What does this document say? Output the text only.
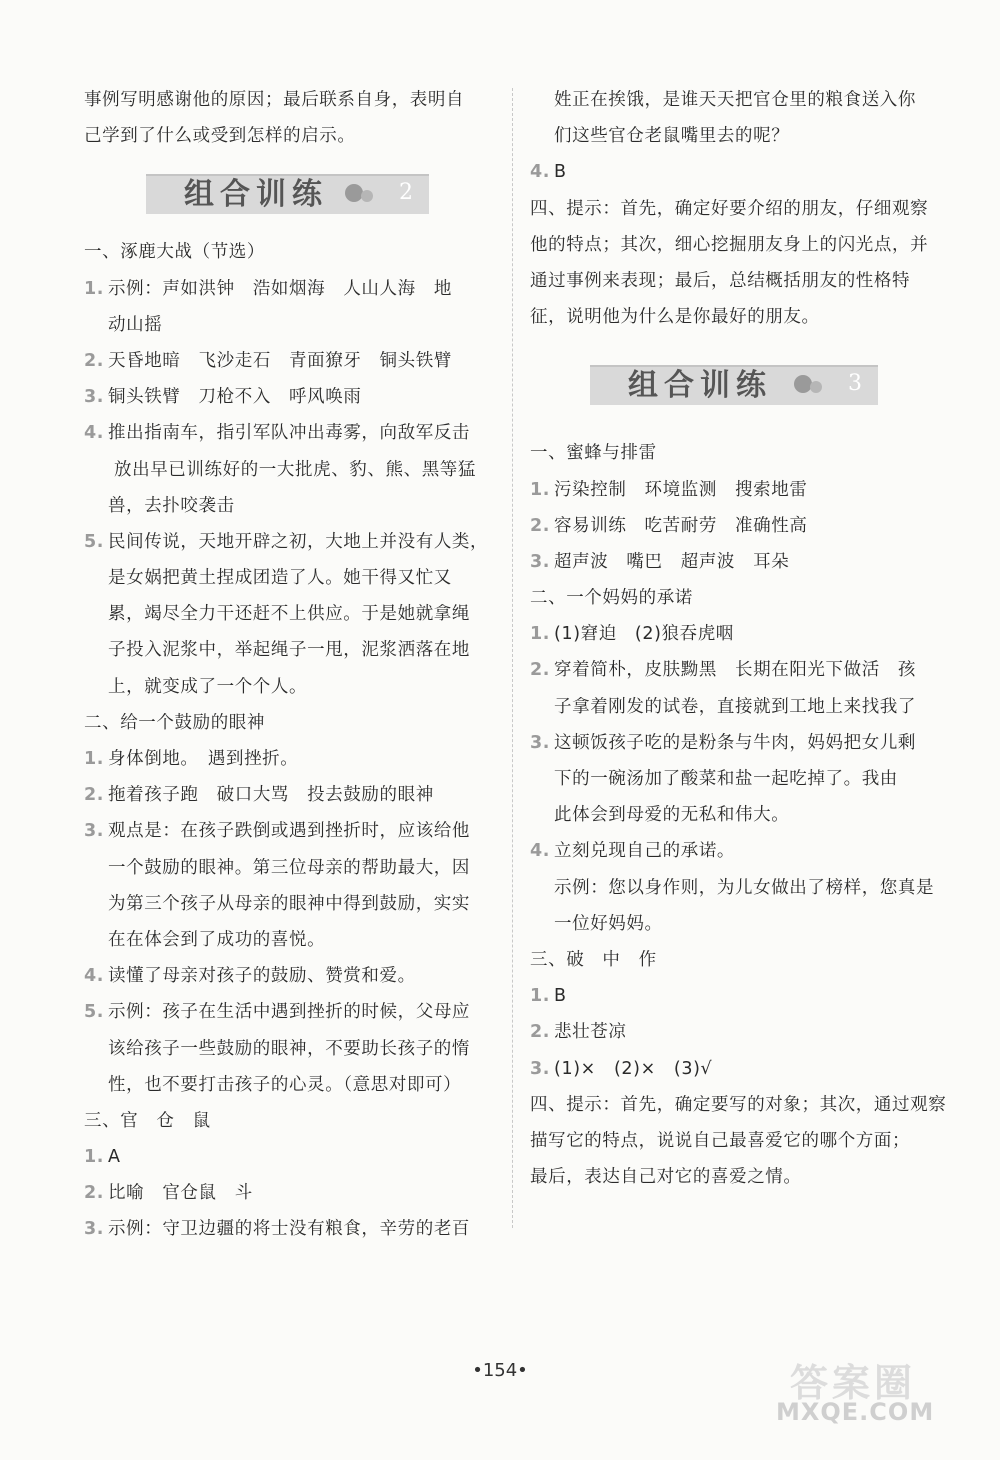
事例写明感谢他的原因；最后联系自身，表明自
己学到了什么或受到怎样的启示。
组合训练	2
一、涿鹿大战（节选）
1. 示例：声如洪钟　浩如烟海　人山人海　地
动山摇
2. 天昏地暗　飞沙走石　青面獠牙　铜头铁臂
3. 铜头铁臂　刀枪不入　呼风唤雨
4. 推出指南车，指引军队冲出毒雾，向敌军反击
放出早已训练好的一大批虎、豹、熊、黑等猛
兽，去扑咬袭击
5. 民间传说，天地开辟之初，大地上并没有人类，
是女娲把黄土捏成团造了人。她干得又忙又
累，竭尽全力干还赶不上供应。于是她就拿绳
子投入泥浆中，举起绳子一甩，泥浆洒落在地
上，就变成了一个个人。
二、给一个鼓励的眼神
1. 身体倒地。　遇到挫折。
2. 拖着孩子跑　破口大骂　投去鼓励的眼神
3. 观点是：在孩子跌倒或遇到挫折时，应该给他
一个鼓励的眼神。第三位母亲的帮助最大，因
为第三个孩子从母亲的眼神中得到鼓励，实实
在在体会到了成功的喜悦。
4. 读懂了母亲对孩子的鼓励、赞赏和爱。
5. 示例：孩子在生活中遇到挫折的时候，父母应
该给孩子一些鼓励的眼神，不要助长孩子的惰
性，也不要打击孩子的心灵。（意思对即可）
三、官　仓　鼠
1. A
2. 比喻　官仓鼠　斗
3. 示例：守卫边疆的将士没有粮食，辛劳的老百
姓正在挨饿，是谁天天把官仓里的粮食送入你
们这些官仓老鼠嘴里去的呢？
4. B
四、提示：首先，确定好要介绍的朋友，仔细观察
他的特点；其次，细心挖掘朋友身上的闪光点，并
通过事例来表现；最后，总结概括朋友的性格特
征，说明他为什么是你最好的朋友。
组合训练	3
一、蜜蜂与排雷
1. 污染控制　环境监测　搜索地雷
2. 容易训练　吃苦耐劳　准确性高
3. 超声波　嘴巴　超声波　耳朵
二、一个妈妈的承诺
1. (1)窘迫　(2)狼吞虎咽
2. 穿着简朴，皮肤黝黑　长期在阳光下做活　孩
子拿着刚发的试卷，直接就到工地上来找我了
3. 这顿饭孩子吃的是粉条与牛肉，妈妈把女儿剩
下的一碗汤加了酸菜和盐一起吃掉了。我由
此体会到母爱的无私和伟大。
4. 立刻兑现自己的承诺。
示例：您以身作则，为儿女做出了榜样，您真是
一位好妈妈。
三、破　中　作
1. B
2. 悲壮苍凉
3. (1)×　(2)×　(3)√
四、提示：首先，确定要写的对象；其次，通过观察
描写它的特点，说说自己最喜爱它的哪个方面；
最后，表达自己对它的喜爱之情。
•154•	答案圈
MXQE.COM
